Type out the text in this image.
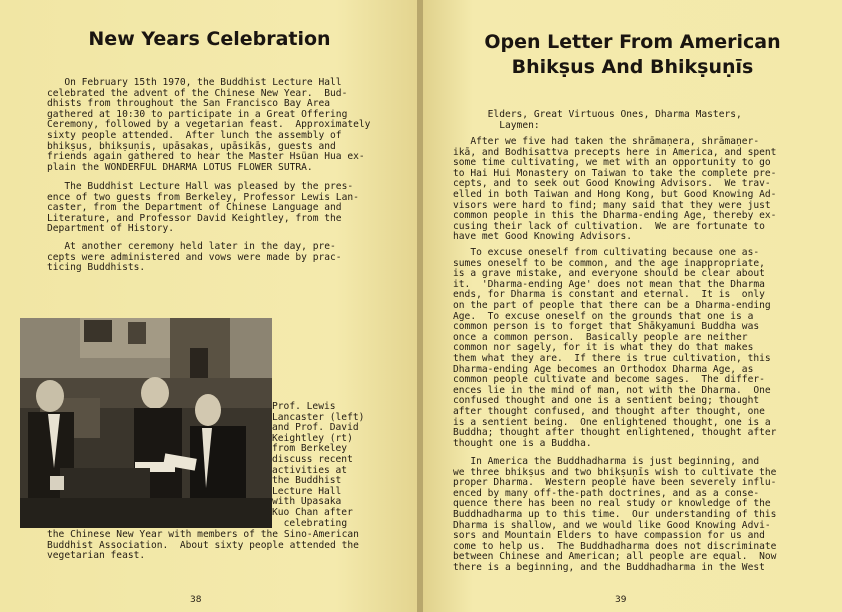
New Years Celebration

On February 15th 1970, the Buddhist Lecture Hall
celebrated the advent of the Chinese New Year.  Bud-
dhists from throughout the San Francisco Bay Area
gathered at 10:30 to participate in a Great Offering
Ceremony, followed by a vegetarian feast.  Approximately
sixty people attended.  After lunch the assembly of
bhikṣus, bhikṣuṇis, upāsakas, upāsikās, guests and
friends again gathered to hear the Master Hsüan Hua ex-
plain the WONDERFUL DHARMA LOTUS FLOWER SUTRA.

The Buddhist Lecture Hall was pleased by the pres-
ence of two guests from Berkeley, Professor Lewis Lan-
caster, from the Department of Chinese Language and
Literature, and Professor David Keightley, from the
Department of History.

At another ceremony held later in the day, pre-
cepts were administered and vows were made by prac-
ticing Buddhists.

Prof. Lewis
Lancaster (left)
and Prof. David
Keightley (rt)
from Berkeley
discuss recent
activities at
the Buddhist
Lecture Hall
with Upasaka
Kuo Chan after
celebrating

the Chinese New Year with members of the Sino-American
Buddhist Association.  About sixty people attended the
vegetarian feast.

38
Open Letter From American
Bhikṣus And Bhikṣuṇīs

Elders, Great Virtuous Ones, Dharma Masters,
Laymen:

After we five had taken the shrāmaṇera, shrāmaṇer-
ikā, and Bodhisattva precepts here in America, and spent
some time cultivating, we met with an opportunity to go
to Hai Hui Monastery on Taiwan to take the complete pre-
cepts, and to seek out Good Knowing Advisors.  We trav-
elled in both Taiwan and Hong Kong, but Good Knowing Ad-
visors were hard to find; many said that they were just
common people in this the Dharma-ending Age, thereby ex-
cusing their lack of cultivation.  We are fortunate to
have met Good Knowing Advisors.

To excuse oneself from cultivating because one as-
sumes oneself to be common, and the age inappropriate,
is a grave mistake, and everyone should be clear about
it.  'Dharma-ending Age' does not mean that the Dharma
ends, for Dharma is constant and eternal.  It is  only
on the part of people that there can be a Dharma-ending
Age.  To excuse oneself on the grounds that one is a
common person is to forget that Shākyamuni Buddha was
once a common person.  Basically people are neither
common nor sagely, for it is what they do that makes
them what they are.  If there is true cultivation, this
Dharma-ending Age becomes an Orthodox Dharma Age, as
common people cultivate and become sages.  The differ-
ences lie in the mind of man, not with the Dharma.  One
confused thought and one is a sentient being; thought
after thought confused, and thought after thought, one
is a sentient being.  One enlightened thought, one is a
Buddha; thought after thought enlightened, thought after
thought one is a Buddha.

In America the Buddhadharma is just beginning, and
we three bhikṣus and two bhikṣuṇīs wish to cultivate the
proper Dharma.  Western people have been severely influ-
enced by many off-the-path doctrines, and as a conse-
quence there has been no real study or knowledge of the
Buddhadharma up to this time.  Our understanding of this
Dharma is shallow, and we would like Good Knowing Advi-
sors and Mountain Elders to have compassion for us and
come to help us.  The Buddhadharma does not discriminate
between Chinese and American; all people are equal.  Now
there is a beginning, and the Buddhadharma in the West

39
